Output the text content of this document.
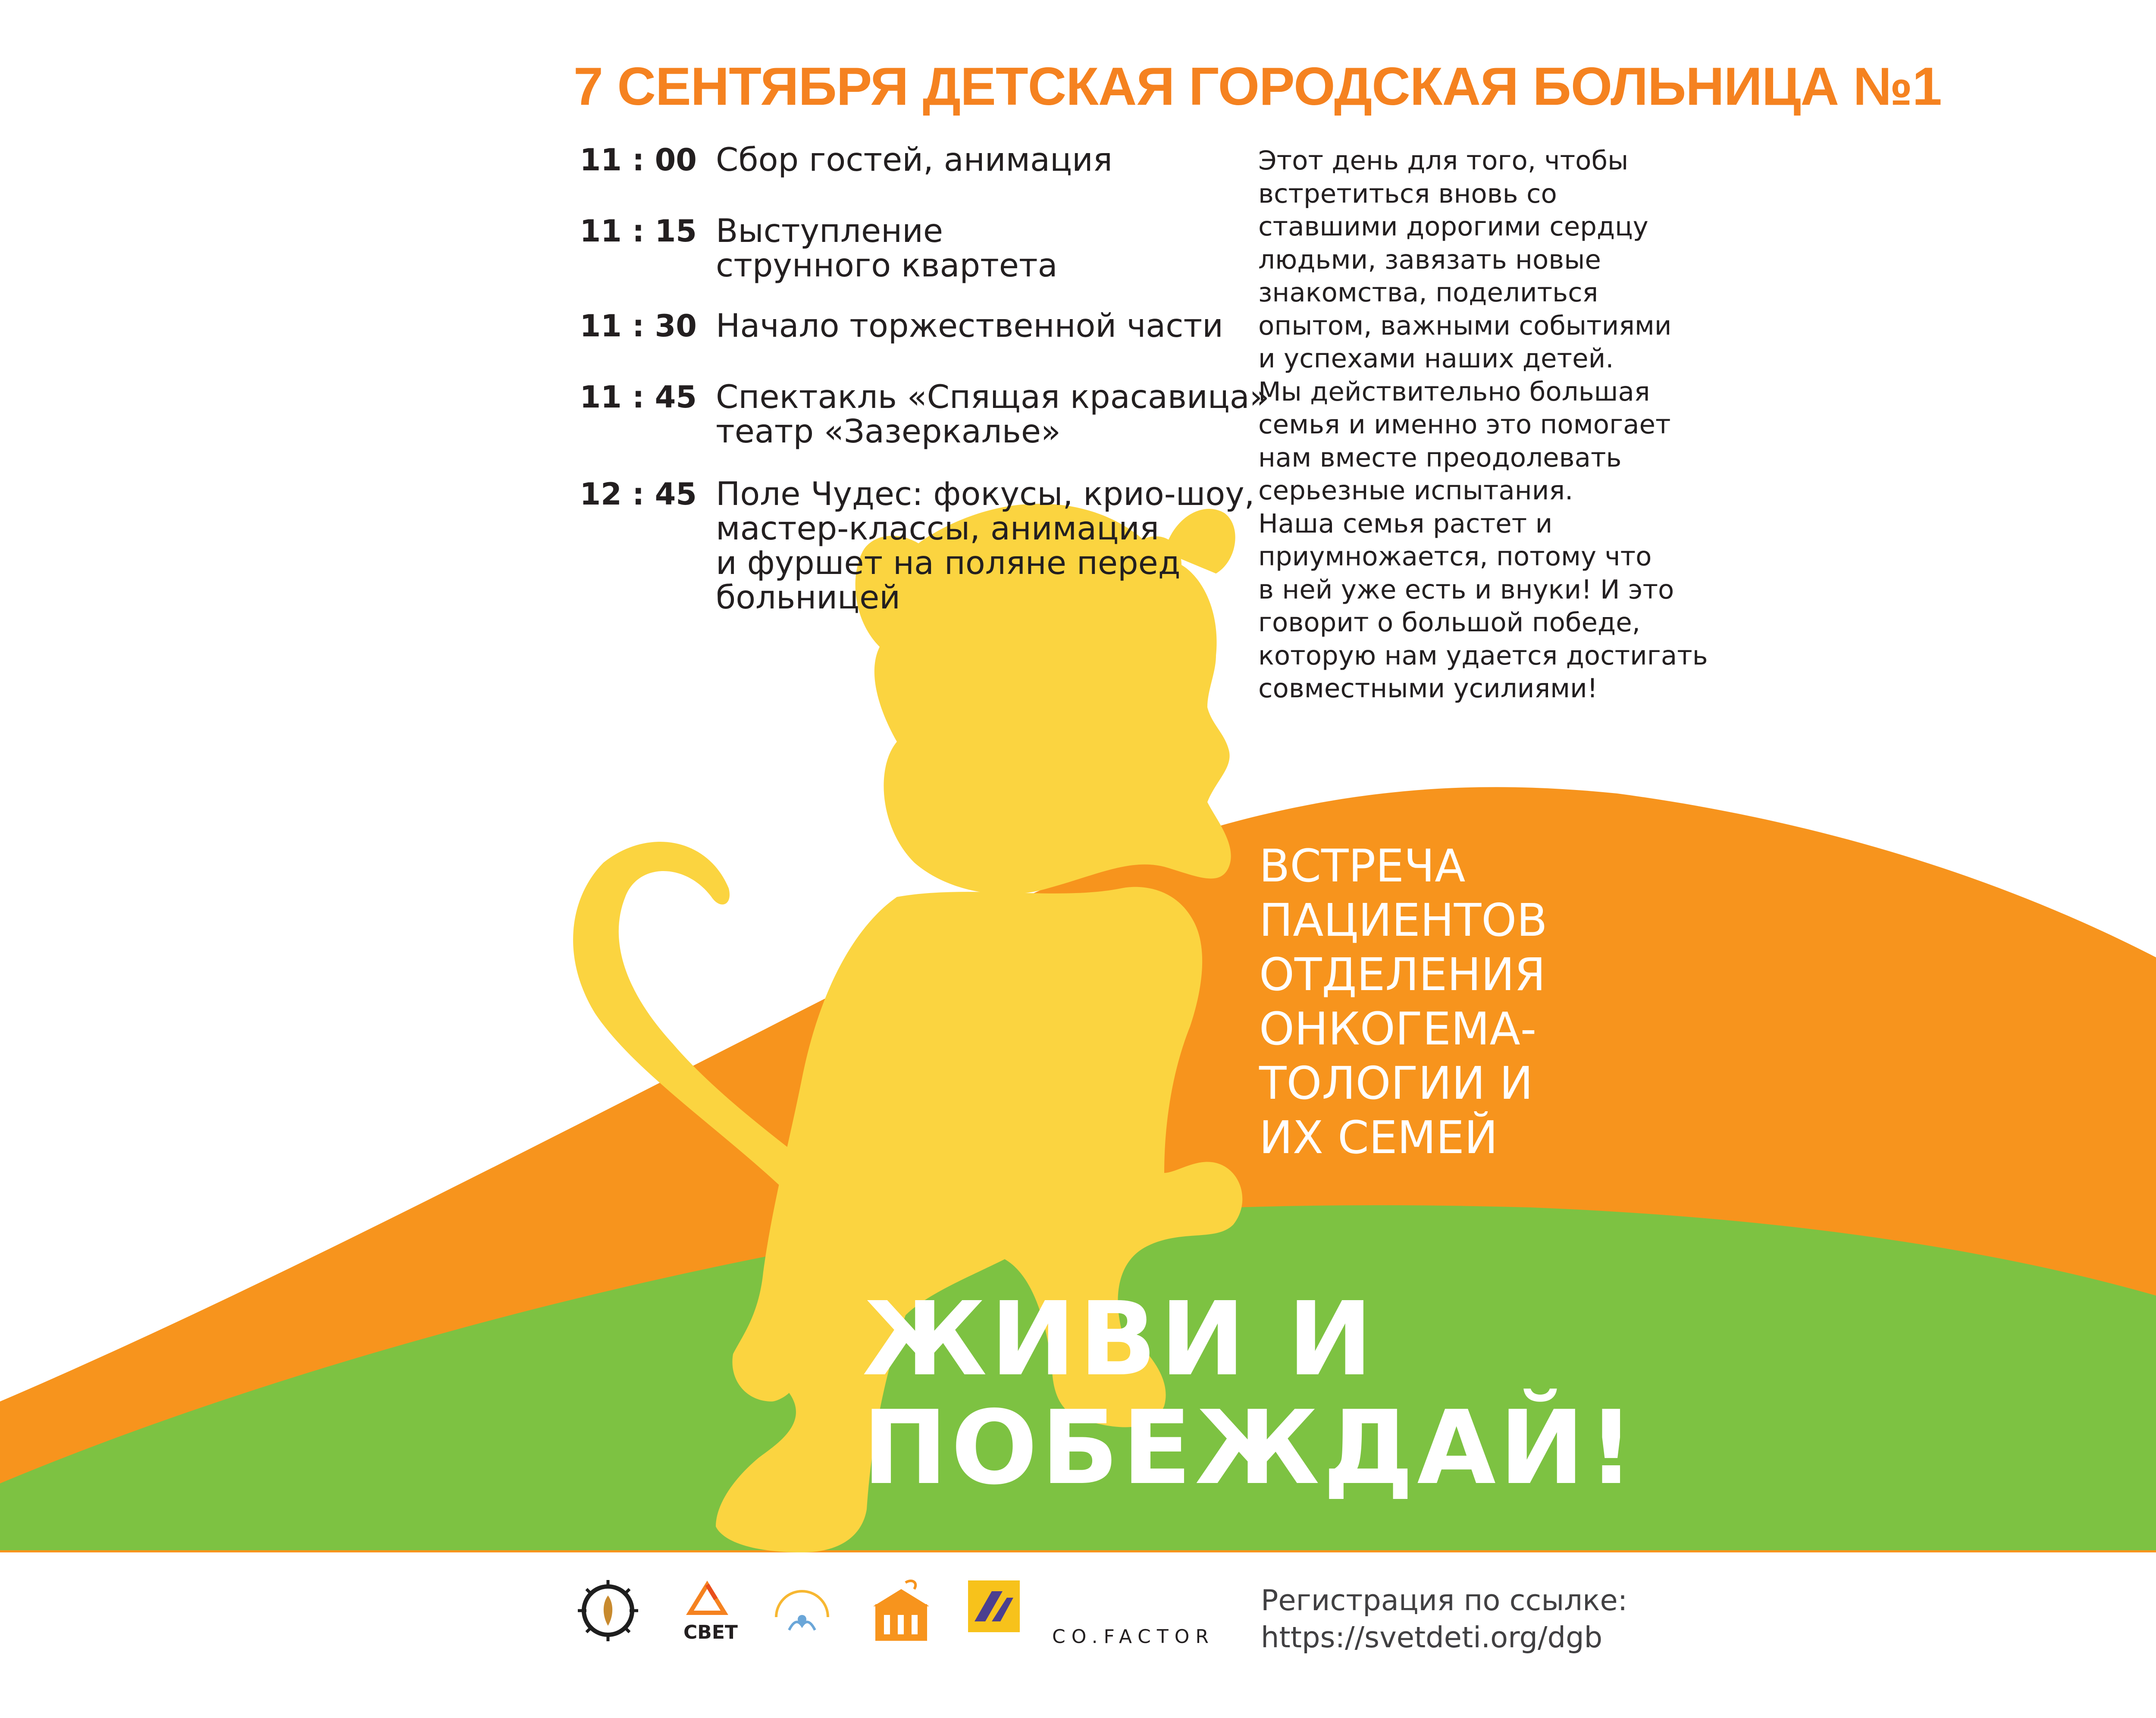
7 СЕНТЯБРЯ ДЕТСКАЯ ГОРОДСКАЯ БОЛЬНИЦА №1
11 : 00 Сбор гостей, анимация
11 : 15 Выступление
струнного квартета
11 : 30 Начало торжественной части
11 : 45 Спектакль «Спящая красавица»
театр «Зазеркалье»
12 : 45 Поле Чудес: фокусы, крио-шоу,
мастер-классы, анимация
и фуршет на поляне перед
больницей
Этот день для того, чтобы
встретиться вновь со
ставшими дорогими сердцу
людьми, завязать новые
знакомства, поделиться
опытом, важными событиями
и успехами наших детей.
Мы действительно большая
семья и именно это помогает
нам вместе преодолевать
серьезные испытания.
Наша семья растет и
приумножается, потому что
в ней уже есть и внуки! И это
говорит о большой победе,
которую нам удается достигать
совместными усилиями!
ВСТРЕЧА
ПАЦИЕНТОВ
ОТДЕЛЕНИЯ
ОНКОГЕМА-
ТОЛОГИИ И
ИХ СЕМЕЙ
ЖИВИ И
ПОБЕЖДАЙ!
СВЕТ	CO.FACTOR
Регистрация по ссылке:
https://svetdeti.org/dgb
